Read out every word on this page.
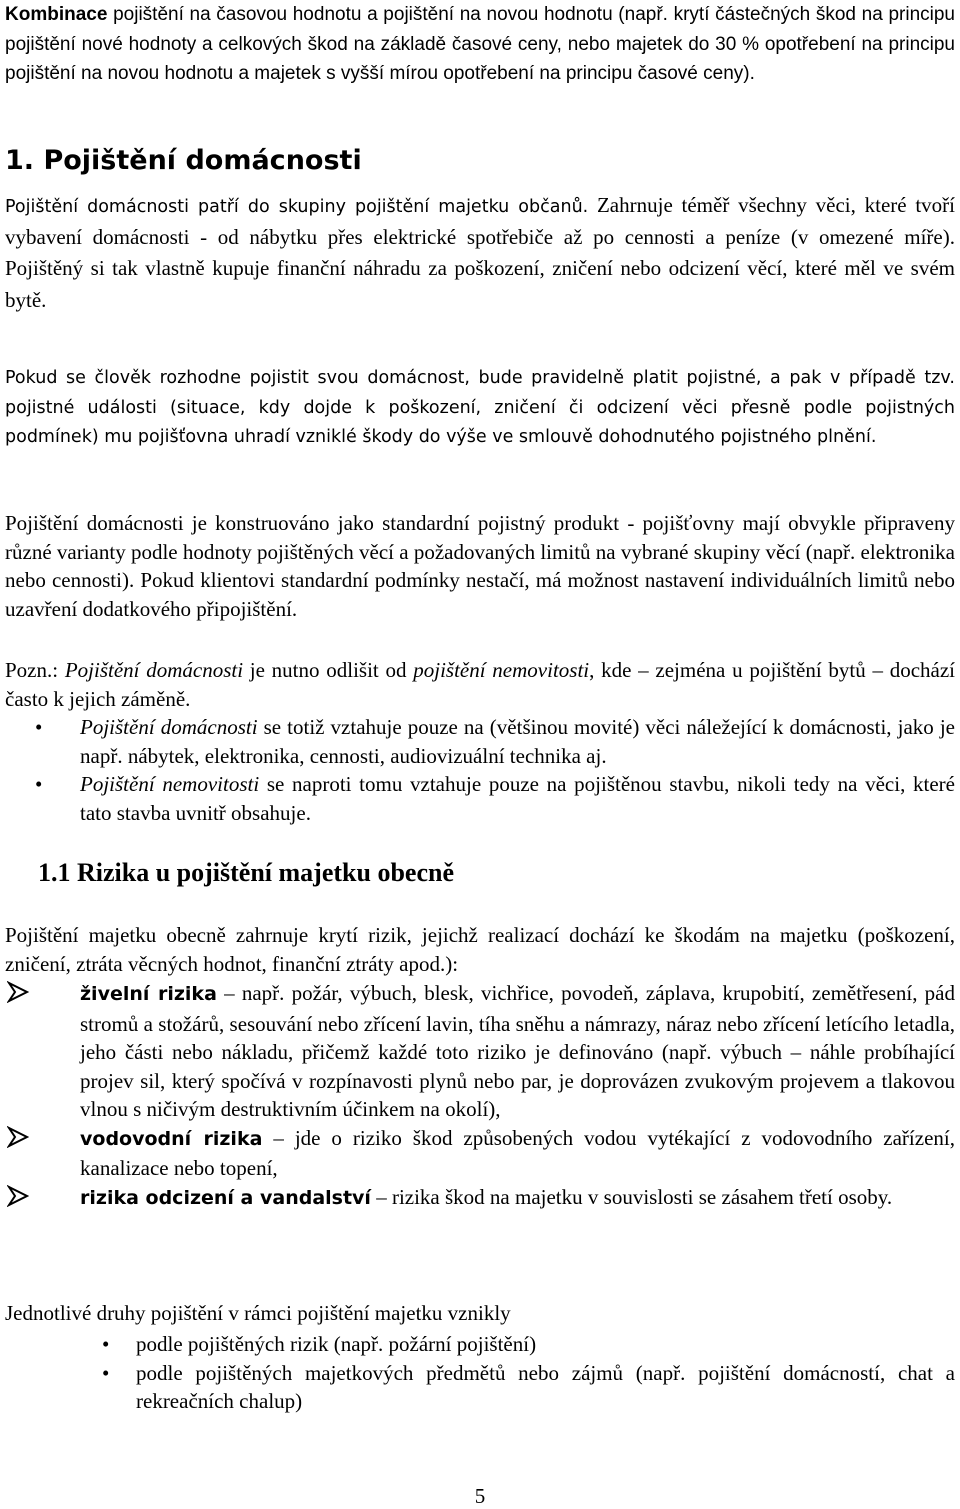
Kombinace pojištění na časovou hodnotu a pojištění na novou hodnotu (např. krytí částečných škod na principu pojištění nové hodnoty a celkových škod na základě časové ceny, nebo majetek do 30 % opotřebení na principu pojištění na novou hodnotu a majetek s vyšší mírou opotřebení na principu časové ceny).

1. Pojištění domácnosti

Pojištění domácnosti patří do skupiny pojištění majetku občanů. Zahrnuje téměř všechny věci, které tvoří vybavení domácnosti - od nábytku přes elektrické spotřebiče až po cennosti a peníze (v omezené míře). Pojištěný si tak vlastně kupuje finanční náhradu za poškození, zničení nebo odcizení věcí, které měl ve svém bytě.

Pokud se člověk rozhodne pojistit svou domácnost, bude pravidelně platit pojistné, a pak v případě tzv. pojistné události (situace, kdy dojde k poškození, zničení či odcizení věci přesně podle pojistných podmínek) mu pojišťovna uhradí vzniklé škody do výše ve smlouvě dohodnutého pojistného plnění.

Pojištění domácnosti je konstruováno jako standardní pojistný produkt - pojišťovny mají obvykle připraveny různé varianty podle hodnoty pojištěných věcí a požadovaných limitů na vybrané skupiny věcí (např. elektronika nebo cennosti). Pokud klientovi standardní podmínky nestačí, má možnost nastavení individuálních limitů nebo uzavření dodatkového připojištění.

Pozn.: Pojištění domácnosti je nutno odlišit od pojištění nemovitosti, kde – zejména u pojištění bytů – dochází často k jejich záměně.

• Pojištění domácnosti se totiž vztahuje pouze na (většinou movité) věci náležející k domácnosti, jako je např. nábytek, elektronika, cennosti, audiovizuální technika aj.
• Pojištění nemovitosti se naproti tomu vztahuje pouze na pojištěnou stavbu, nikoli tedy na věci, které tato stavba uvnitř obsahuje.
1.1 Rizika u pojištění majetku obecně

Pojištění majetku obecně zahrnuje krytí rizik, jejichž realizací dochází ke škodám na majetku (poškození, zničení, ztráta věcných hodnot, finanční ztráty apod.):

živelní rizika – např. požár, výbuch, blesk, vichřice, povodeň, záplava, krupobití, zemětřesení, pád stromů a stožárů, sesouvání nebo zřícení lavin, tíha sněhu a námrazy, náraz nebo zřícení letícího letadla, jeho části nebo nákladu, přičemž každé toto riziko je definováno (např. výbuch – náhle probíhající projev sil, který spočívá v rozpínavosti plynů nebo par, je doprovázen zvukovým projevem a tlakovou vlnou s ničivým destruktivním účinkem na okolí),
vodovodní rizika – jde o riziko škod způsobených vodou vytékající z vodovodního zařízení, kanalizace nebo topení,
rizika odcizení a vandalství – rizika škod na majetku v souvislosti se zásahem třetí osoby.

Jednotlivé druhy pojištění v rámci pojištění majetku vznikly

• podle pojištěných rizik (např. požární pojištění)
• podle pojištěných majetkových předmětů nebo zájmů (např. pojištění domácností, chat a rekreačních chalup)
5
